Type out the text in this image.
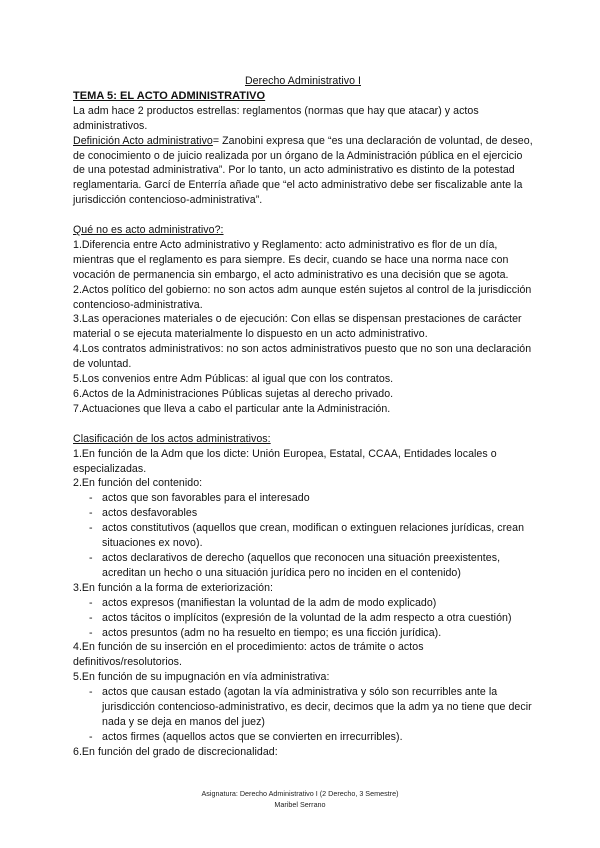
Derecho Administrativo I

TEMA 5: EL ACTO ADMINISTRATIVO

La adm hace 2 productos estrellas: reglamentos (normas que hay que atacar) y actos administrativos.

Definición Acto administrativo= Zanobini expresa que “es una declaración de voluntad, de deseo, de conocimiento o de juicio realizada por un órgano de la Administración pública en el ejercicio de una potestad administrativa”. Por lo tanto, un acto administrativo es distinto de la potestad reglamentaria. Garcí de Enterría añade que “el acto administrativo debe ser fiscalizable ante la jurisdicción contencioso-administrativa”.

Qué no es acto administrativo?:

1.Diferencia entre Acto administrativo y Reglamento: acto administrativo es flor de un día, mientras que el reglamento es para siempre. Es decir, cuando se hace una norma nace con vocación de permanencia sin embargo, el acto administrativo es una decisión que se agota.

2.Actos político del gobierno: no son actos adm aunque estén sujetos al control de la jurisdicción contencioso-administrativa.

3.Las operaciones materiales o de ejecución: Con ellas se dispensan prestaciones de carácter material o se ejecuta materialmente lo dispuesto en un acto administrativo.

4.Los contratos administrativos: no son actos administrativos puesto que no son una declaración de voluntad.

5.Los convenios entre Adm Públicas: al igual que con los contratos.

6.Actos de la Administraciones Públicas sujetas al derecho privado.

7.Actuaciones que lleva a cabo el particular ante la Administración.

Clasificación de los actos administrativos:

1.En función de la Adm que los dicte: Unión Europea, Estatal, CCAA, Entidades locales o especializadas.

2.En función del contenido:

- actos que son favorables para el interesado
- actos desfavorables
- actos constitutivos (aquellos que crean, modifican o extinguen relaciones jurídicas, crean situaciones ex novo).
- actos declarativos de derecho (aquellos que reconocen una situación preexistentes, acreditan un hecho o una situación jurídica pero no inciden en el contenido)

3.En función a la forma de exteriorización:

- actos expresos (manifiestan la voluntad de la adm de modo explicado)
- actos tácitos o implícitos (expresión de la voluntad de la adm respecto a otra cuestión)
- actos presuntos (adm no ha resuelto en tiempo; es una ficción jurídica).

4.En función de su inserción en el procedimiento: actos de trámite o actos definitivos/resolutorios.

5.En función de su impugnación en vía administrativa:

- actos que causan estado (agotan la vía administrativa y sólo son recurribles ante la jurisdicción contencioso-administrativo, es decir, decimos que la adm ya no tiene que decir nada y se deja en manos del juez)
- actos firmes (aquellos actos que se convierten en irrecurribles).

6.En función del grado de discrecionalidad:

Asignatura: Derecho Administrativo I (2 Derecho, 3 Semestre)
Maribel Serrano
